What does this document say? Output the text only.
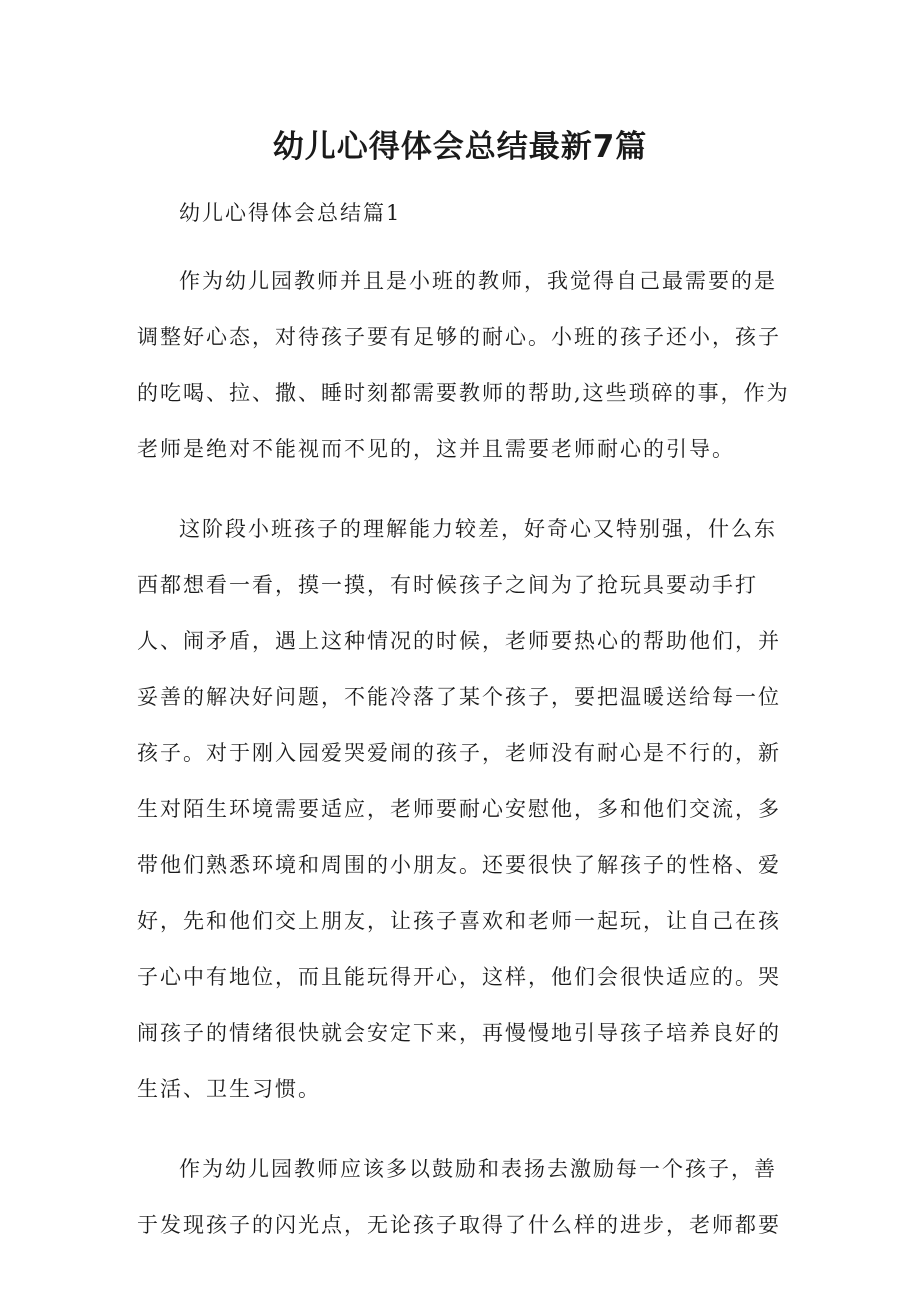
幼儿心得体会总结最新7篇

幼儿心得体会总结篇1

作为幼儿园教师并且是小班的教师，我觉得自己最需要的是调整好心态，对待孩子要有足够的耐心。小班的孩子还小，孩子的吃喝、拉、撒、睡时刻都需要教师的帮助,这些琐碎的事，作为老师是绝对不能视而不见的，这并且需要老师耐心的引导。

这阶段小班孩子的理解能力较差，好奇心又特别强，什么东西都想看一看，摸一摸，有时候孩子之间为了抢玩具要动手打人、闹矛盾，遇上这种情况的时候，老师要热心的帮助他们，并妥善的解决好问题，不能冷落了某个孩子，要把温暖送给每一位孩子。对于刚入园爱哭爱闹的孩子，老师没有耐心是不行的，新生对陌生环境需要适应，老师要耐心安慰他，多和他们交流，多带他们熟悉环境和周围的小朋友。还要很快了解孩子的性格、爱好，先和他们交上朋友，让孩子喜欢和老师一起玩，让自己在孩子心中有地位，而且能玩得开心，这样，他们会很快适应的。哭闹孩子的情绪很快就会安定下来，再慢慢地引导孩子培养良好的生活、卫生习惯。

作为幼儿园教师应该多以鼓励和表扬去激励每一个孩子，善于发现孩子的闪光点，无论孩子取得了什么样的进步，老师都要
